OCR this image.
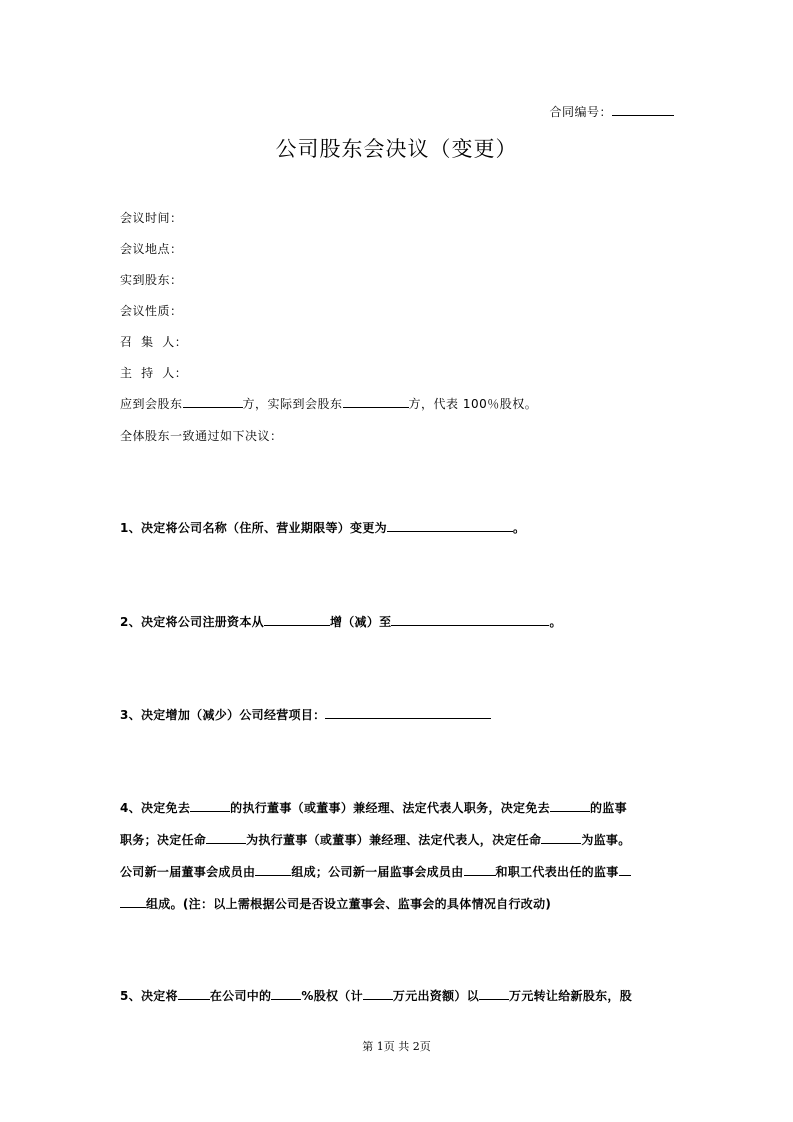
合同编号：
公司股东会决议（变更）
会议时间：
会议地点：
实到股东：
会议性质：
召  集  人：
主  持  人：
应到会股东	方，实际到会股东	方，代表 100％股权。
全体股东一致通过如下决议：
1、决定将公司名称（住所、营业期限等）变更为	。
2、决定将公司注册资本从	增（减）至	。
3、决定增加（减少）公司经营项目：
4、决定免去	的执行董事（或董事）兼经理、法定代表人职务，决定免去	的监事
职务；决定任命	为执行董事（或董事）兼经理、法定代表人，决定任命	为监事。
公司新一届董事会成员由	组成；公司新一届监事会成员由	和职工代表出任的监事
组成。(注：以上需根据公司是否设立董事会、监事会的具体情况自行改动)
5、决定将	在公司中的	%股权（计	万元出资额）以	万元转让给新股东，股
第 1页 共 2页
